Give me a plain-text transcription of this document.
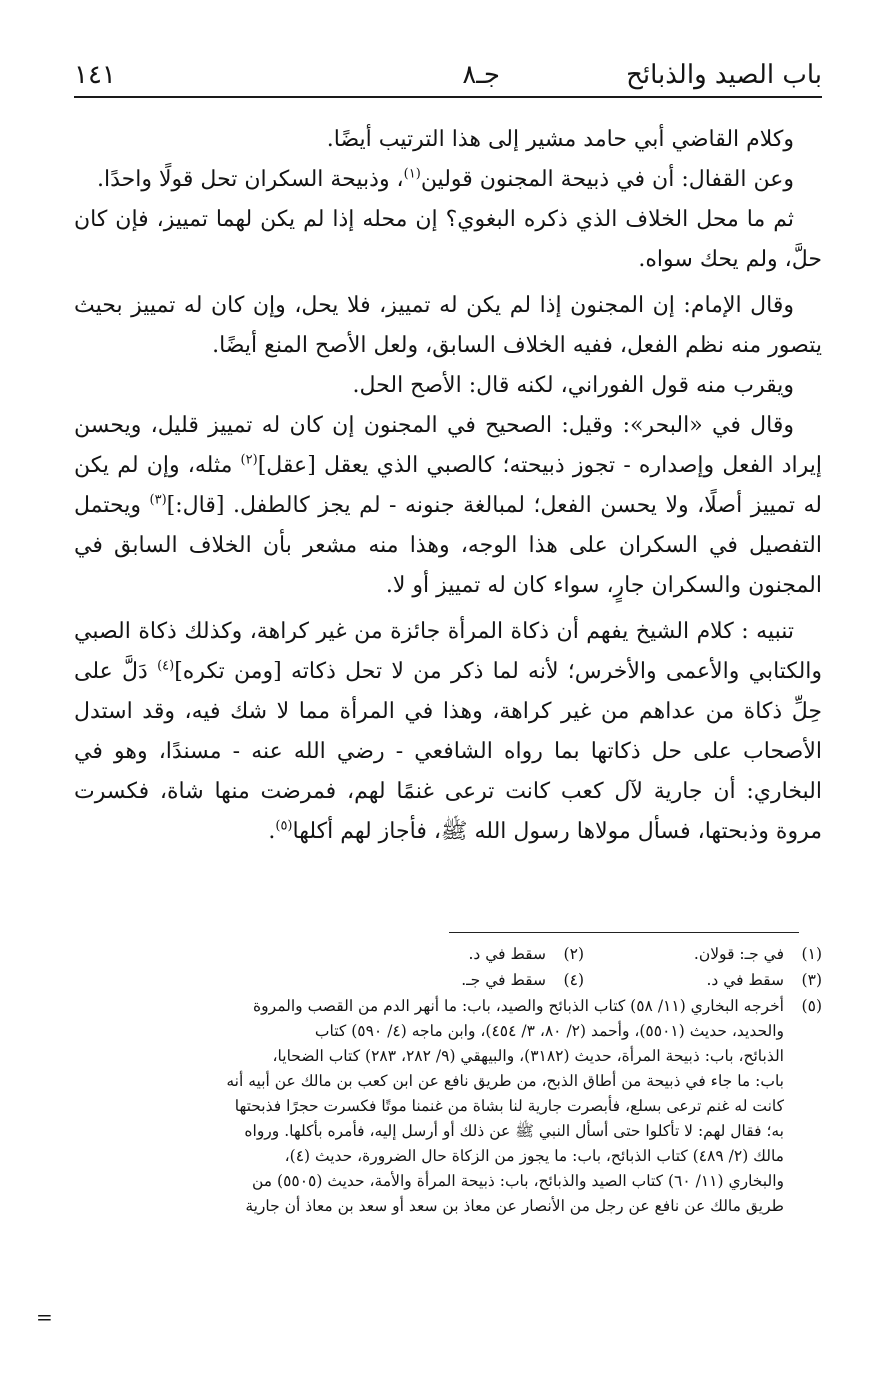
باب الصيد والذبائح
جـ٨
١٤١

وكلام القاضي أبي حامد مشير إلى هذا الترتيب أيضًا.

وعن القفال: أن في ذبيحة المجنون قولين$^{(١)}$، وذبيحة السكران تحل قولًا واحدًا.

ثم ما محل الخلاف الذي ذكره البغوي؟ إن محله إذا لم يكن لهما تمييز، فإن كان حلَّ، ولم يحك سواه.

وقال الإمام: إن المجنون إذا لم يكن له تمييز، فلا يحل، وإن كان له تمييز بحيث يتصور منه نظم الفعل، ففيه الخلاف السابق، ولعل الأصح المنع أيضًا.

ويقرب منه قول الفوراني، لكنه قال: الأصح الحل.

وقال في «البحر»: وقيل: الصحيح في المجنون إن كان له تمييز قليل، ويحسن إيراد الفعل وإصداره - تجوز ذبيحته؛ كالصبي الذي يعقل [عقل]$^{(٢)}$ مثله، وإن لم يكن له تمييز أصلًا، ولا يحسن الفعل؛ لمبالغة جنونه - لم يجز كالطفل. [قال:]$^{(٣)}$ ويحتمل التفصيل في السكران على هذا الوجه، وهذا منه مشعر بأن الخلاف السابق في المجنون والسكران جارٍ، سواء كان له تمييز أو لا.

تنبيه : كلام الشيخ يفهم أن ذكاة المرأة جائزة من غير كراهة، وكذلك ذكاة الصبي والكتابي والأعمى والأخرس؛ لأنه لما ذكر من لا تحل ذكاته [ومن تكره]$^{(٤)}$ دَلَّ على حِلِّ ذكاة من عداهم من غير كراهة، وهذا في المرأة مما لا شك فيه، وقد استدل الأصحاب على حل ذكاتها بما رواه الشافعي - رضي الله عنه - مسندًا، وهو في البخاري: أن جارية لآل كعب كانت ترعى غنمًا لهم، فمرضت منها شاة، فكسرت مروة وذبحتها، فسأل مولاها رسول الله ﷺ، فأجاز لهم أكلها$^{(٥)}$.

(١)
في جـ: قولان.
(٢)
سقط في د.
(٣)
سقط في د.
(٤)
سقط في جـ.
(٥)
أخرجه البخاري (١١/ ٥٨) كتاب الذبائح والصيد، باب: ما أنهر الدم من القصب والمروة
والحديد، حديث (٥٥٠١)، وأحمد (٢/ ٨٠، ٣/ ٤٥٤)، وابن ماجه (٤/ ٥٩٠) كتاب
الذبائح، باب: ذبيحة المرأة، حديث (٣١٨٢)، والبيهقي (٩/ ٢٨٢، ٢٨٣) كتاب الضحايا،
باب: ما جاء في ذبيحة من أطاق الذبح، من طريق نافع عن ابن كعب بن مالك عن أبيه أنه
كانت له غنم ترعى بسلع، فأبصرت جارية لنا بشاة من غنمنا موتًا فكسرت حجرًا فذبحتها
به؛ فقال لهم: لا تأكلوا حتى أسأل النبي ﷺ عن ذلك أو أرسل إليه، فأمره بأكلها. ورواه
مالك (٢/ ٤٨٩) كتاب الذبائح، باب: ما يجوز من الزكاة حال الضرورة، حديث (٤)،
والبخاري (١١/ ٦٠) كتاب الصيد والذبائح، باب: ذبيحة المرأة والأمة، حديث (٥٥٠٥) من
طريق مالك عن نافع عن رجل من الأنصار عن معاذ بن سعد أو سعد بن معاذ أن جارية
=
